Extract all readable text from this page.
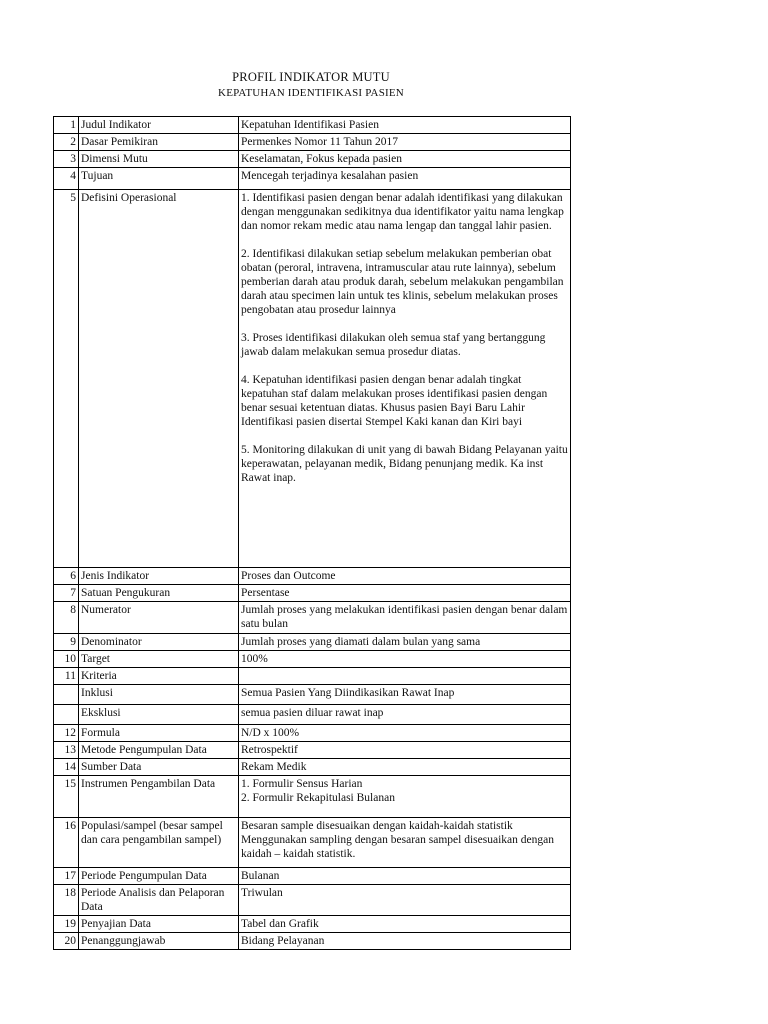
PROFIL INDIKATOR MUTU
KEPATUHAN IDENTIFIKASI PASIEN
1	Judul Indikator	Kepatuhan Identifikasi Pasien
2	Dasar Pemikiran	Permenkes Nomor 11 Tahun 2017
3	Dimensi Mutu	Keselamatan, Fokus kepada pasien
4	Tujuan	Mencegah terjadinya kesalahan pasien
5	Defisini Operasional	1. Identifikasi pasien dengan benar adalah identifikasi yang dilakukan dengan menggunakan sedikitnya dua identifikator yaitu nama lengkap dan nomor rekam medic atau nama lengap dan tanggal lahir pasien.

2. Identifikasi dilakukan setiap sebelum melakukan pemberian obat obatan (peroral, intravena, intramuscular atau rute lainnya), sebelum pemberian darah atau produk darah, sebelum melakukan pengambilan darah atau specimen lain untuk tes klinis, sebelum melakukan proses pengobatan atau prosedur lainnya

3. Proses identifikasi dilakukan oleh semua staf yang bertanggung jawab dalam melakukan semua prosedur diatas.

4. Kepatuhan identifikasi pasien dengan benar adalah tingkat kepatuhan staf dalam melakukan proses identifikasi pasien dengan benar sesuai ketentuan diatas. Khusus pasien Bayi Baru Lahir Identifikasi pasien disertai Stempel Kaki kanan dan Kiri bayi

5. Monitoring dilakukan di unit yang di bawah Bidang Pelayanan yaitu keperawatan, pelayanan medik, Bidang penunjang medik. Ka inst Rawat inap.

6	Jenis Indikator	Proses dan Outcome
7	Satuan Pengukuran	Persentase
8	Numerator	Jumlah proses yang melakukan identifikasi pasien dengan benar dalam satu bulan
9	Denominator	Jumlah proses yang diamati dalam bulan yang sama
10	Target	100%
11	Kriteria	
	Inklusi	Semua Pasien Yang Diindikasikan Rawat Inap
	Eksklusi	semua pasien diluar rawat inap
12	Formula	N/D x 100%
13	Metode Pengumpulan Data	Retrospektif
14	Sumber Data	Rekam Medik
15	Instrumen Pengambilan Data	1. Formulir Sensus Harian
2. Formulir Rekapitulasi Bulanan

16	Populasi/sampel (besar sampel dan cara pengambilan sampel)	Besaran sample disesuaikan dengan kaidah-kaidah statistik Menggunakan sampling dengan besaran sampel disesuaikan dengan kaidah – kaidah statistik.
17	Periode Pengumpulan Data	Bulanan
18	Periode Analisis dan Pelaporan Data	Triwulan
19	Penyajian Data	Tabel dan Grafik
20	Penanggungjawab	Bidang Pelayanan
